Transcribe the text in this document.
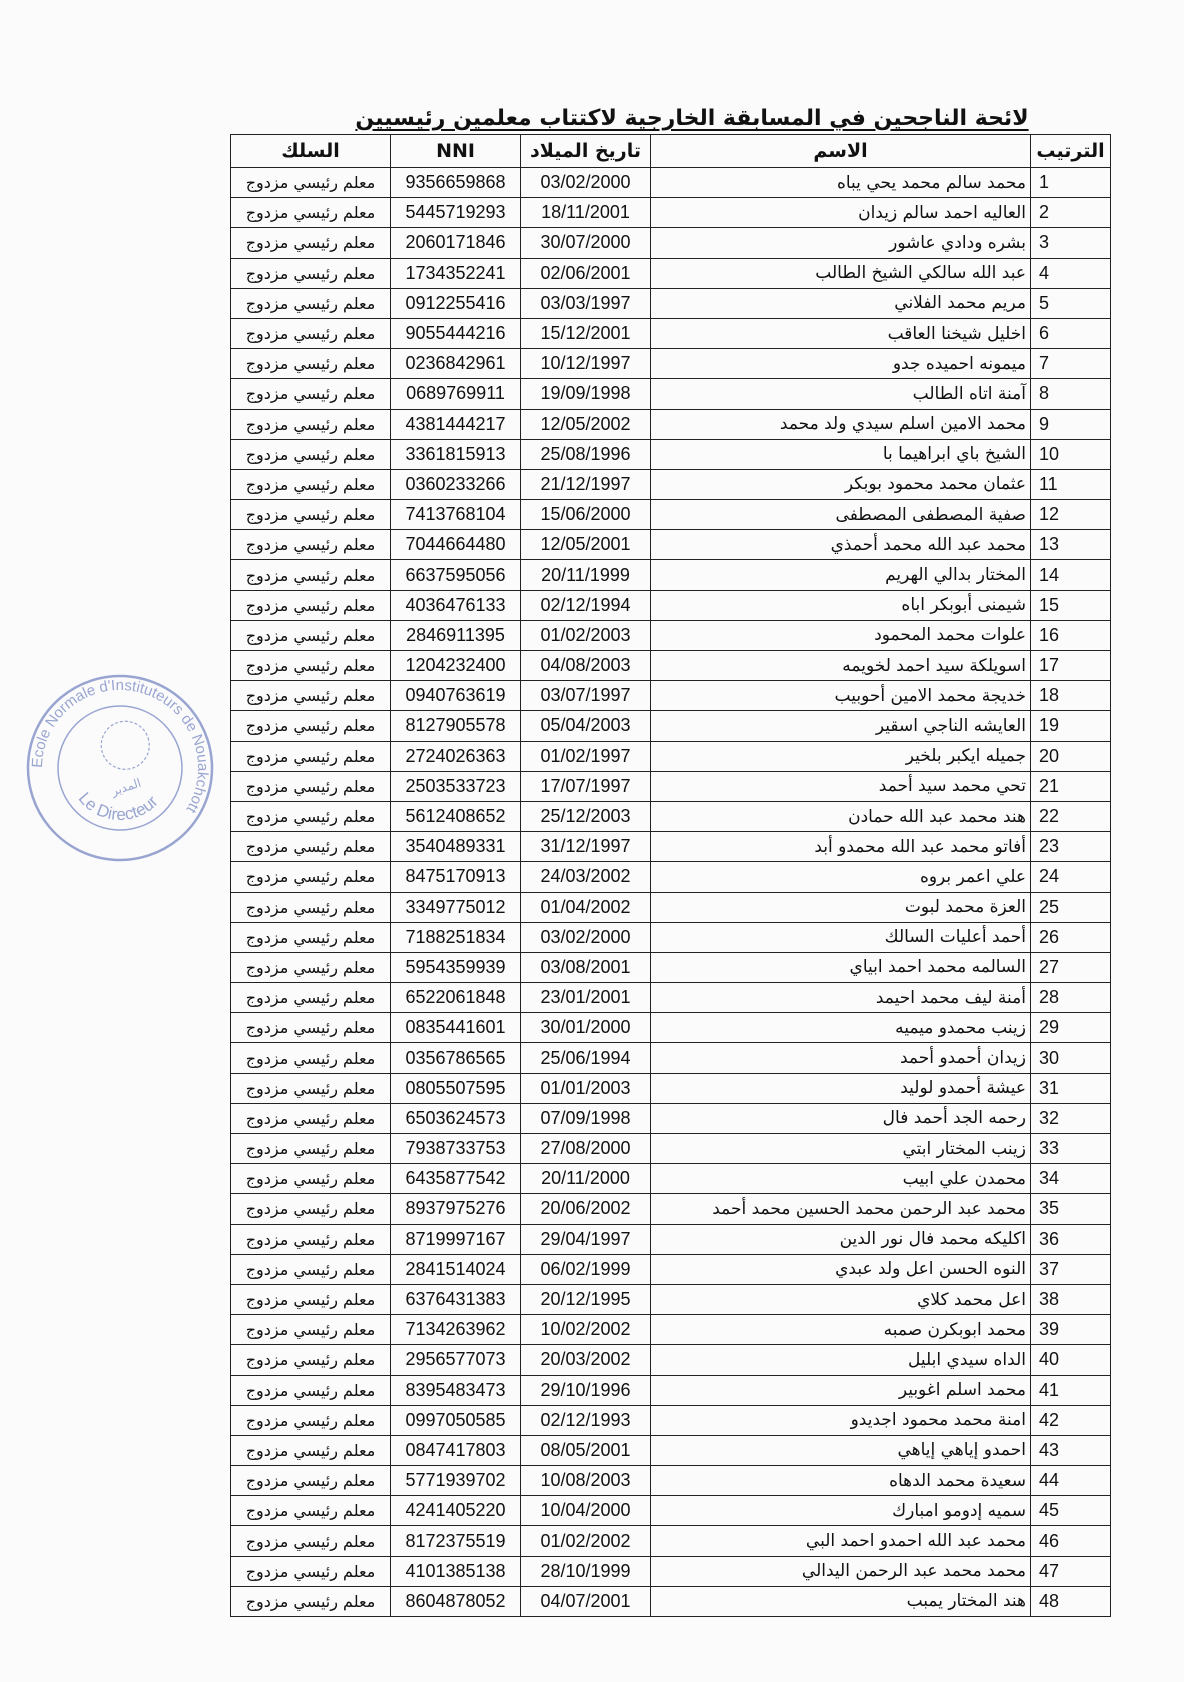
لائحة الناجحين في المسابقة الخارجية لاكتتاب معلمين رئيسيين
الترتيب	الاسم	تاريخ الميلاد	NNI	السلك
1	محمد سالم محمد يحي يباه	03/02/2000	9356659868	معلم رئيسي مزدوج
2	العاليه احمد سالم زيدان	18/11/2001	5445719293	معلم رئيسي مزدوج
3	بشره ودادي عاشور	30/07/2000	2060171846	معلم رئيسي مزدوج
4	عبد الله سالكي الشيخ الطالب	02/06/2001	1734352241	معلم رئيسي مزدوج
5	مريم محمد الفلاني	03/03/1997	0912255416	معلم رئيسي مزدوج
6	اخليل شيخنا العاقب	15/12/2001	9055444216	معلم رئيسي مزدوج
7	ميمونه احميده جدو	10/12/1997	0236842961	معلم رئيسي مزدوج
8	آمنة اتاه الطالب	19/09/1998	0689769911	معلم رئيسي مزدوج
9	محمد الامين اسلم سيدي ولد محمد	12/05/2002	4381444217	معلم رئيسي مزدوج
10	الشيخ باي ابراهيما با	25/08/1996	3361815913	معلم رئيسي مزدوج
11	عثمان محمد محمود بوبكر	21/12/1997	0360233266	معلم رئيسي مزدوج
12	صفية المصطفى المصطفى	15/06/2000	7413768104	معلم رئيسي مزدوج
13	محمد عبد الله محمد أحمذي	12/05/2001	7044664480	معلم رئيسي مزدوج
14	المختار بدالي الهريم	20/11/1999	6637595056	معلم رئيسي مزدوج
15	شيمنى أبوبكر اباه	02/12/1994	4036476133	معلم رئيسي مزدوج
16	علوات محمد المحمود	01/02/2003	2846911395	معلم رئيسي مزدوج
17	اسويلكة سيد احمد لخويمه	04/08/2003	1204232400	معلم رئيسي مزدوج
18	خديجة محمد الامين أحوبيب	03/07/1997	0940763619	معلم رئيسي مزدوج
19	العايشه الناجي اسقير	05/04/2003	8127905578	معلم رئيسي مزدوج
20	جميله ايكبر بلخير	01/02/1997	2724026363	معلم رئيسي مزدوج
21	تحي محمد سيد أحمد	17/07/1997	2503533723	معلم رئيسي مزدوج
22	هند محمد عبد الله حمادن	25/12/2003	5612408652	معلم رئيسي مزدوج
23	أفاتو محمد عبد الله محمدو أبد	31/12/1997	3540489331	معلم رئيسي مزدوج
24	علي اعمر بروه	24/03/2002	8475170913	معلم رئيسي مزدوج
25	العزة محمد لبوت	01/04/2002	3349775012	معلم رئيسي مزدوج
26	أحمد أعليات السالك	03/02/2000	7188251834	معلم رئيسي مزدوج
27	السالمه محمد احمد ابياي	03/08/2001	5954359939	معلم رئيسي مزدوج
28	أمنة ليف محمد احيمد	23/01/2001	6522061848	معلم رئيسي مزدوج
29	زينب محمدو ميميه	30/01/2000	0835441601	معلم رئيسي مزدوج
30	زيدان أحمدو أحمد	25/06/1994	0356786565	معلم رئيسي مزدوج
31	عيشة أحمدو لوليد	01/01/2003	0805507595	معلم رئيسي مزدوج
32	رحمه الجد أحمد فال	07/09/1998	6503624573	معلم رئيسي مزدوج
33	زينب المختار ابتي	27/08/2000	7938733753	معلم رئيسي مزدوج
34	محمدن علي ابيب	20/11/2000	6435877542	معلم رئيسي مزدوج
35	محمد عبد الرحمن محمد الحسين محمد أحمد	20/06/2002	8937975276	معلم رئيسي مزدوج
36	اكليكه محمد فال نور الدين	29/04/1997	8719997167	معلم رئيسي مزدوج
37	النوه الحسن اعل ولد عبدي	06/02/1999	2841514024	معلم رئيسي مزدوج
38	اعل محمد كلاي	20/12/1995	6376431383	معلم رئيسي مزدوج
39	محمد ابوبكرن صمبه	10/02/2002	7134263962	معلم رئيسي مزدوج
40	الداه سيدي ابليل	20/03/2002	2956577073	معلم رئيسي مزدوج
41	محمد اسلم اغوبير	29/10/1996	8395483473	معلم رئيسي مزدوج
42	امنة محمد محمود اجديدو	02/12/1993	0997050585	معلم رئيسي مزدوج
43	احمدو إياهي إياهي	08/05/2001	0847417803	معلم رئيسي مزدوج
44	سعيدة محمد الدهاه	10/08/2003	5771939702	معلم رئيسي مزدوج
45	سميه إدومو امبارك	10/04/2000	4241405220	معلم رئيسي مزدوج
46	محمد عبد الله احمدو احمد البي	01/02/2002	8172375519	معلم رئيسي مزدوج
47	محمد محمد عبد الرحمن اليدالي	28/10/1999	4101385138	معلم رئيسي مزدوج
48	هند المختار يمبب	04/07/2001	8604878052	معلم رئيسي مزدوج
Ecole Normale d'Instituteurs de Nouakchott
Le Directeur
المدير
